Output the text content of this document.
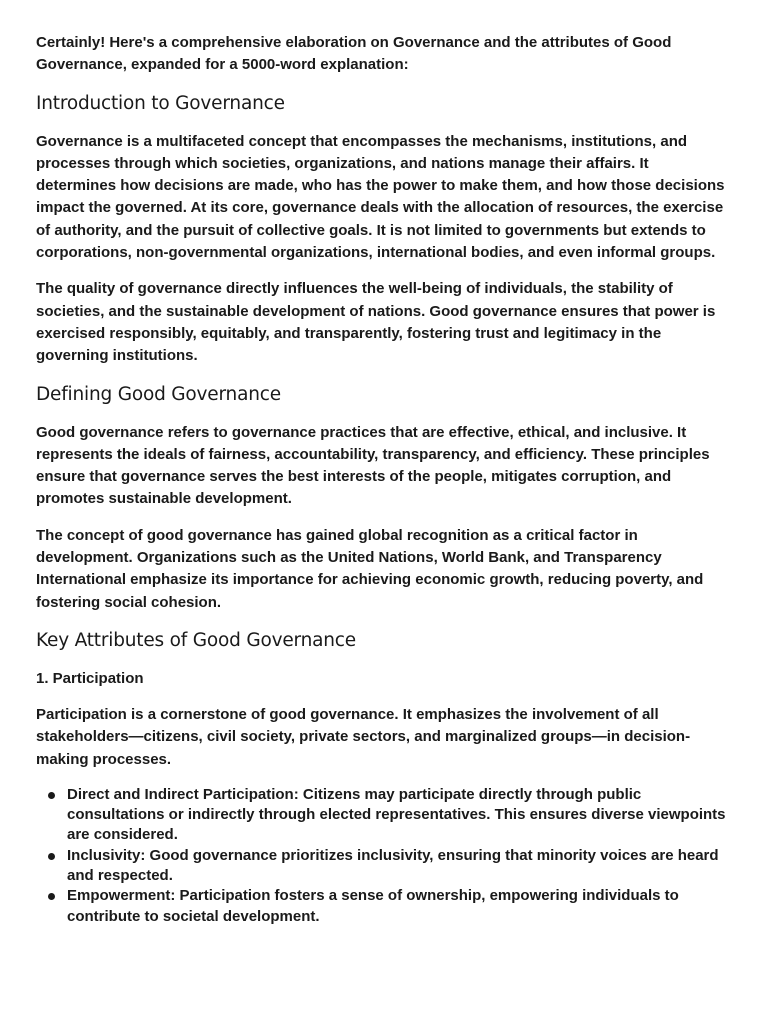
Certainly! Here's a comprehensive elaboration on Governance and the attributes of Good Governance, expanded for a 5000-word explanation:

Introduction to Governance

Governance is a multifaceted concept that encompasses the mechanisms, institutions, and processes through which societies, organizations, and nations manage their affairs. It determines how decisions are made, who has the power to make them, and how those decisions impact the governed. At its core, governance deals with the allocation of resources, the exercise of authority, and the pursuit of collective goals. It is not limited to governments but extends to corporations, non-governmental organizations, international bodies, and even informal groups.

The quality of governance directly influences the well-being of individuals, the stability of societies, and the sustainable development of nations. Good governance ensures that power is exercised responsibly, equitably, and transparently, fostering trust and legitimacy in the governing institutions.

Defining Good Governance

Good governance refers to governance practices that are effective, ethical, and inclusive. It represents the ideals of fairness, accountability, transparency, and efficiency. These principles ensure that governance serves the best interests of the people, mitigates corruption, and promotes sustainable development.

The concept of good governance has gained global recognition as a critical factor in development. Organizations such as the United Nations, World Bank, and Transparency International emphasize its importance for achieving economic growth, reducing poverty, and fostering social cohesion.

Key Attributes of Good Governance
1. Participation

Participation is a cornerstone of good governance. It emphasizes the involvement of all stakeholders—citizens, civil society, private sectors, and marginalized groups—in decision-making processes.

Direct and Indirect Participation: Citizens may participate directly through public consultations or indirectly through elected representatives. This ensures diverse viewpoints are considered.
Inclusivity: Good governance prioritizes inclusivity, ensuring that minority voices are heard and respected.
Empowerment: Participation fosters a sense of ownership, empowering individuals to contribute to societal development.
